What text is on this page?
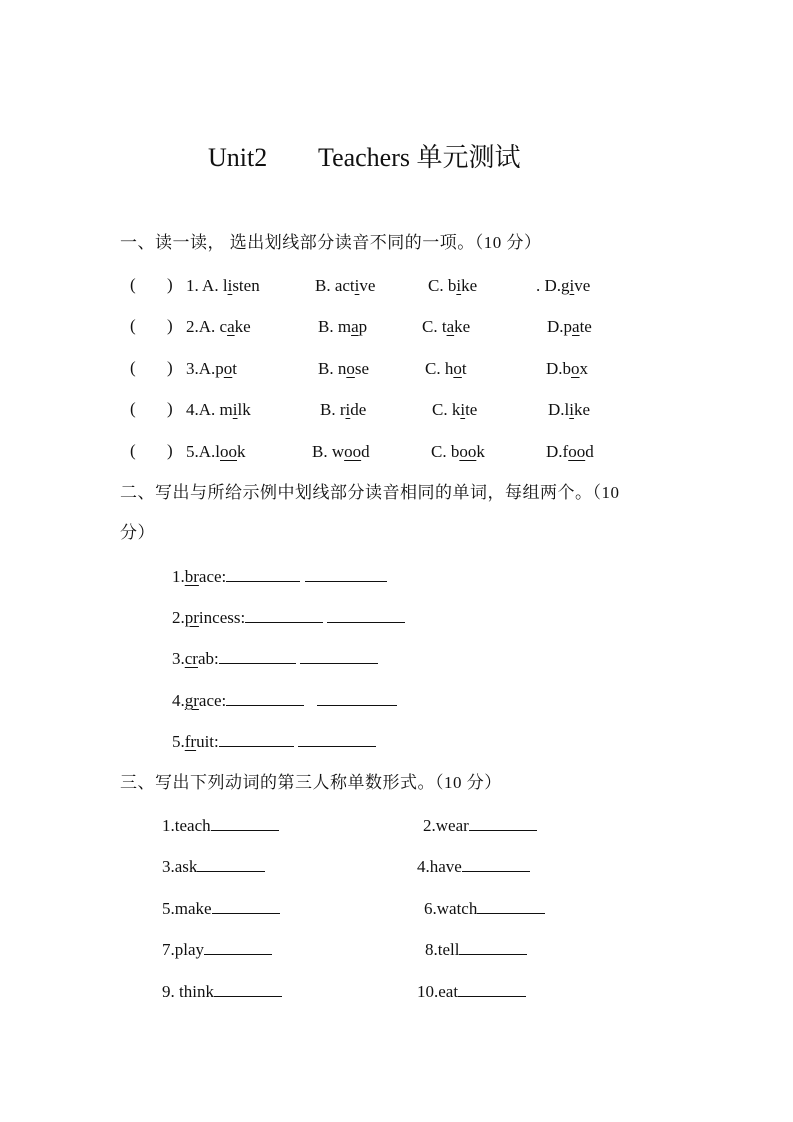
Unit2 Teachers 单元测试
一、读一读， 选出划线部分读音不同的一项。（10 分）
( ) 1. A. listen	B. active	C. bike	. D.give
( ) 2.A. cake	B. map	C. take	D.pate
( ) 3.A.pot	B. nose	C. hot	D.box
( ) 4.A. milk	B. ride	C. kite	D.like
( ) 5.A.look	B. wood	C. book	D.food
二、写出与所给示例中划线部分读音相同的单词，每组两个。（10
分）
1.brace:
2.princess:
3.crab:
4.grace:
5.fruit:
三、写出下列动词的第三人称单数形式。（10 分）
1.teach	2.wear
3.ask	4.have
5.make	6.watch
7.play	8.tell
9. think	10.eat
